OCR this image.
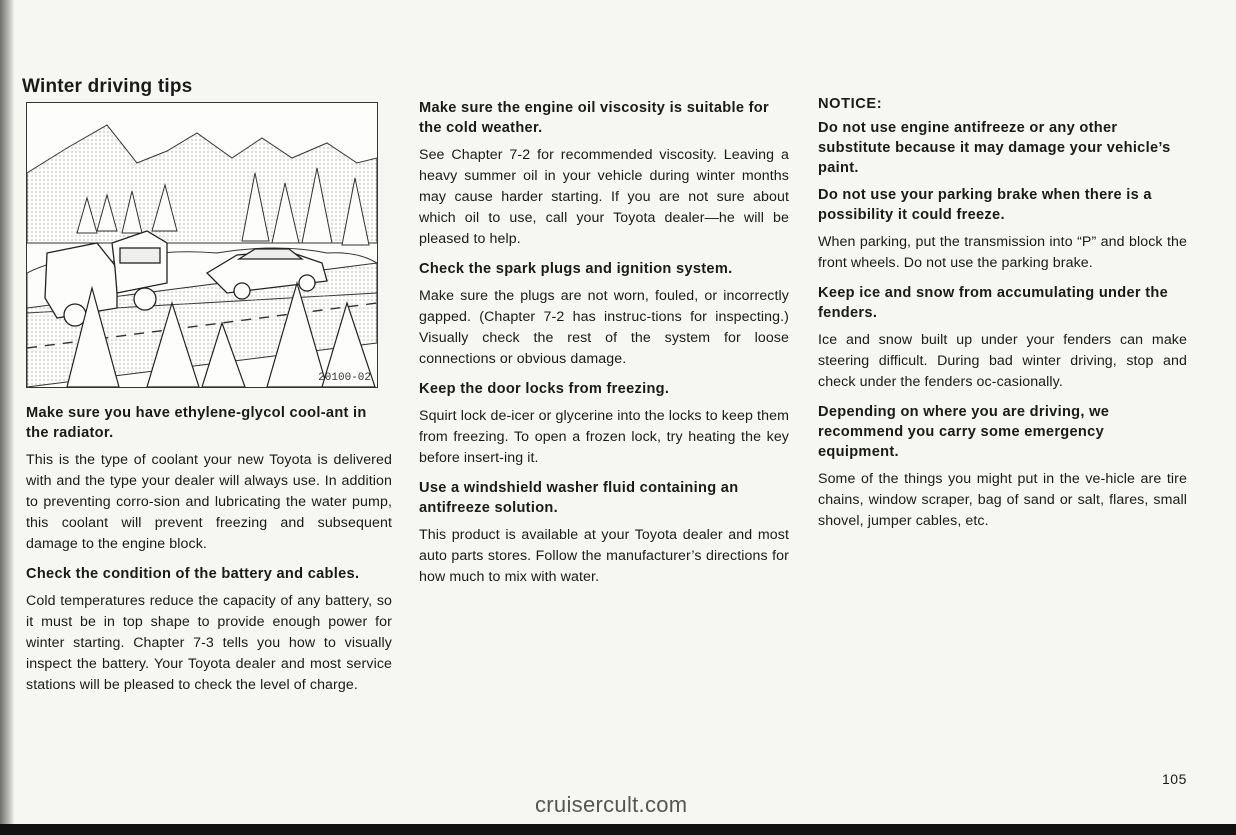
Winter driving tips
20100-02
Make sure you have ethylene-glycol cool-ant in the radiator.

This is the type of coolant your new Toyota is delivered with and the type your dealer will always use. In addition to preventing corro-sion and lubricating the water pump, this coolant will prevent freezing and subsequent damage to the engine block.

Check the condition of the battery and cables.

Cold temperatures reduce the capacity of any battery, so it must be in top shape to provide enough power for winter starting. Chapter 7-3 tells you how to visually inspect the battery. Your Toyota dealer and most service stations will be pleased to check the level of charge.

Make sure the engine oil viscosity is suitable for the cold weather.

See Chapter 7-2 for recommended viscosity. Leaving a heavy summer oil in your vehicle during winter months may cause harder starting. If you are not sure about which oil to use, call your Toyota dealer—he will be pleased to help.

Check the spark plugs and ignition system.

Make sure the plugs are not worn, fouled, or incorrectly gapped. (Chapter 7-2 has instruc-tions for inspecting.) Visually check the rest of the system for loose connections or obvious damage.

Keep the door locks from freezing.

Squirt lock de-icer or glycerine into the locks to keep them from freezing. To open a frozen lock, try heating the key before insert-ing it.

Use a windshield washer fluid containing an antifreeze solution.

This product is available at your Toyota dealer and most auto parts stores. Follow the manufacturer’s directions for how much to mix with water.

NOTICE:
Do not use engine antifreeze or any other substitute because it may damage your vehicle’s paint.
Do not use your parking brake when there is a possibility it could freeze.

When parking, put the transmission into “P” and block the front wheels. Do not use the parking brake.

Keep ice and snow from accumulating under the fenders.

Ice and snow built up under your fenders can make steering difficult. During bad winter driving, stop and check under the fenders oc-casionally.

Depending on where you are driving, we recommend you carry some emergency equipment.

Some of the things you might put in the ve-hicle are tire chains, window scraper, bag of sand or salt, flares, small shovel, jumper cables, etc.

105
cruisercult.com
